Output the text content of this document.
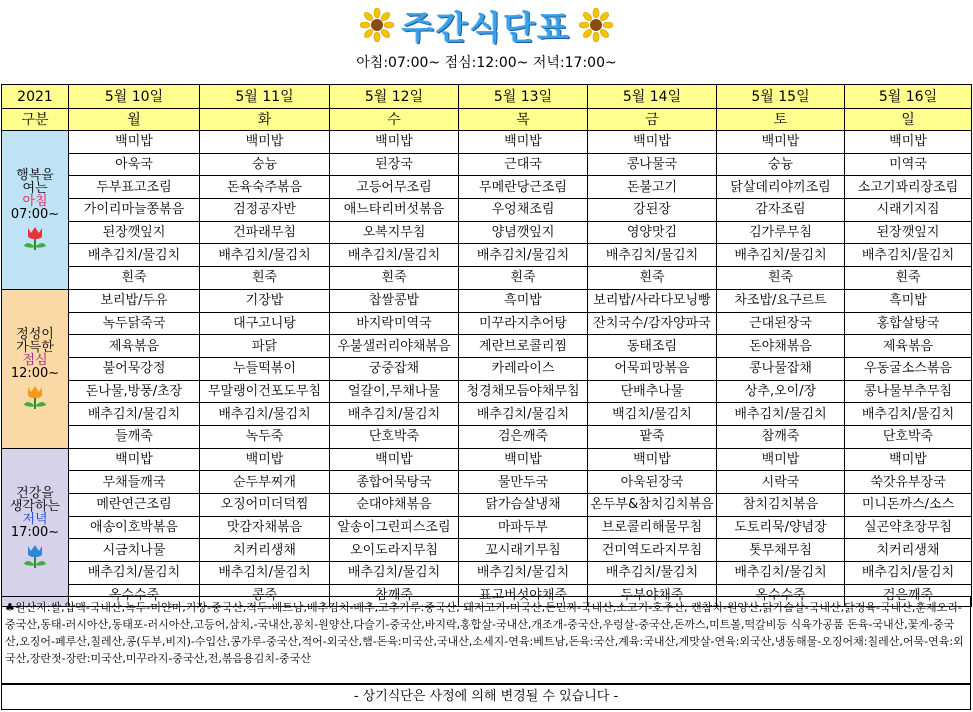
주간식단표
아침:07:00~ 점심:12:00~ 저녁:17:00~
2021	5월 10일	5월 11일	5월 12일	5월 13일	5월 14일	5월 15일	5월 16일
구분	월	화	수	목	금	토	일

행복을
여는
아침
07:00~	백미밥	백미밥	백미밥	백미밥	백미밥	백미밥	백미밥
	아욱국	숭늉	된장국	근대국	콩나물국	숭늉	미역국
	두부표고조림	돈육숙주볶음	고등어무조림	무메란당근조림	돈불고기	닭살데리야끼조림	소고기꽈리장조림
	가이리마늘쫑볶음	검정공자반	애느타리버섯볶음	우엉채조림	강된장	감자조림	시래기지짐
	된장깻잎지	건파래무침	오복지무침	양념깻잎지	영양맛김	김가루무침	된장깻잎지
	배추김치/물김치	배추김치/물김치	배추김치/물김치	배추김치/물김치	배추김치/물김치	배추김치/물김치	배추김치/물김치
	흰죽	흰죽	흰죽	흰죽	흰죽	흰죽	흰죽

정성이
가득한
점심
12:00~	보리밥/두유	기장밥	찹쌀콩밥	흑미밥	보리밥/사라다모닝빵	차조밥/요구르트	흑미밥
	녹두닭죽국	대구고니탕	바지락미역국	미꾸라지추어탕	잔치국수/감자양파국	근대된장국	홍합살탕국
	제육볶음	파닭	우불샐러리야채볶음	계란브로콜리찜	동태조림	돈야채볶음	제육볶음
	불어묵강정	누들떡볶이	궁중잡채	카레라이스	어묵피망볶음	콩나물잡채	우동굴소스볶음
	돈나물,방풍/초장	무말랭이건포도무침	얼갈이,무채나물	청경채모듬야채무침	단배추나물	상추,오이/장	콩나물부추무침
	배추김치/물김치	배추김치/물김치	배추김치/물김치	배추김치/물김치	백김치/물김치	배추김치/물김치	배추김치/물김치
	들깨죽	녹두죽	단호박죽	검은깨죽	팥죽	참깨죽	단호박죽

건강을
생각하는
저녁
17:00~	백미밥	백미밥	백미밥	백미밥	백미밥	백미밥	백미밥
	무채들깨국	순두부찌개	종합어묵탕국	물만두국	아욱된장국	시락국	쑥갓유부장국
	메란연근조림	오징어미더덕찜	순대야채볶음	닭가슴살냉채	온두부&참치김치볶음	참치김치볶음	미니돈까스/소스
	애송이호박볶음	맛감자채볶음	알송이그린피스조림	마파두부	브로콜리해물무침	도토리묵/양념장	실곤약초장무침
	시금치나물	치커리생채	오이도라지무침	꼬시래기무침	건미역도라지무침	톳무채무침	치커리생채
	배추김치/물김치	배추김치/물김치	배추김치/물김치	배추김치/물김치	배추김치/물김치	배추김치/물김치	배추김치/물김치
	옥수수죽	콩죽	참깨죽	표고버섯야채죽	두부야채죽	옥수수죽	검은깨죽
♣원산지:쌀,압맥-국내산,녹두-미얀마,기장-중국산,적두-베트남,배추김치-배추,고추가루:중국산, 돼지고기-미국산,돈민찌-국내산,소고기-호주산, 캔참치-원양산,닭가슴살-국내산,닭정육-국내산,훈제오리-중국산,동태-러시아산,동태포-러시아산,고등어,삼치,-국내산,꽁치-원양산,다슬기-중국산,바지락,홍합살-국내산,개조개-중국산,우렁살-중국산,돈까스,미트볼,떡갈비등 식육가공품 돈육-국내산,꽃게-중국산,오징어-페루산,칠레산,콩(두부,비지)-수입산,콩가루-중국산,적어-외국산,햄-돈육:미국산,국내산,소세지-연육:베트남,돈육:국산,계육:국내산,게맛살-연육:외국산,냉동해물-오징어채:칠레산,어묵-연육:외국산,장란젓-장란:미국산,미꾸라지-중국산,전,볶음용김치-중국산
- 상기식단은 사정에 의해 변경될 수 있습니다 -
